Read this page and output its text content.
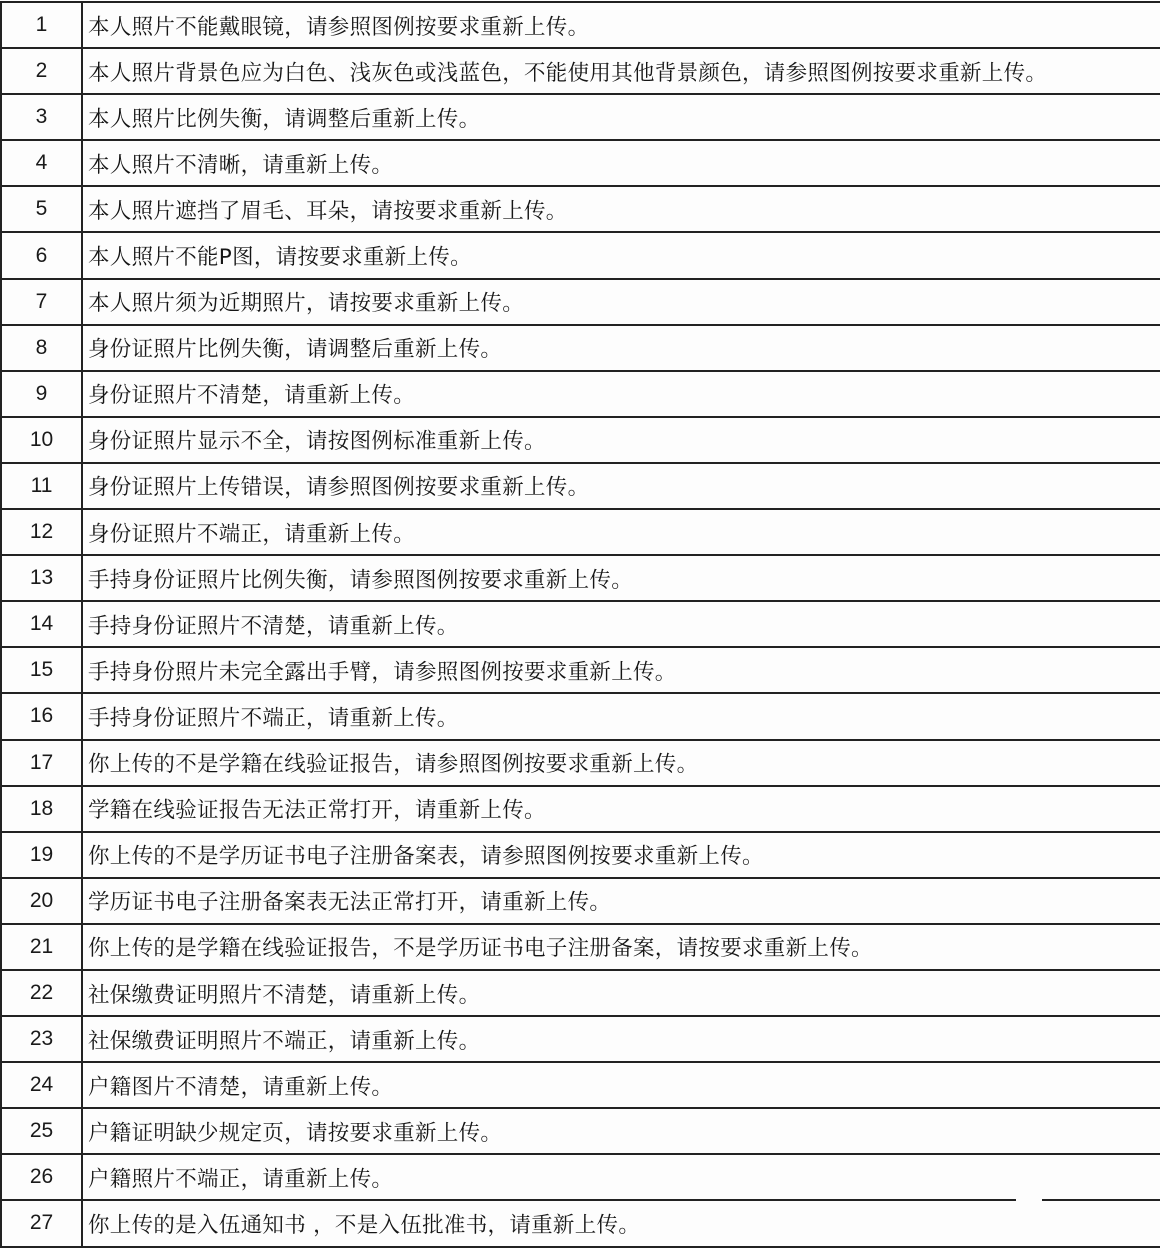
1	本人照片不能戴眼镜，请参照图例按要求重新上传。
2	本人照片背景色应为白色、浅灰色或浅蓝色，不能使用其他背景颜色，请参照图例按要求重新上传。
3	本人照片比例失衡，请调整后重新上传。
4	本人照片不清晰，请重新上传。
5	本人照片遮挡了眉毛、耳朵，请按要求重新上传。
6	本人照片不能P图，请按要求重新上传。
7	本人照片须为近期照片，请按要求重新上传。
8	身份证照片比例失衡，请调整后重新上传。
9	身份证照片不清楚，请重新上传。
10	身份证照片显示不全，请按图例标准重新上传。
11	身份证照片上传错误，请参照图例按要求重新上传。
12	身份证照片不端正，请重新上传。
13	手持身份证照片比例失衡，请参照图例按要求重新上传。
14	手持身份证照片不清楚，请重新上传。
15	手持身份照片未完全露出手臂，请参照图例按要求重新上传。
16	手持身份证照片不端正，请重新上传。
17	你上传的不是学籍在线验证报告，请参照图例按要求重新上传。
18	学籍在线验证报告无法正常打开，请重新上传。
19	你上传的不是学历证书电子注册备案表，请参照图例按要求重新上传。
20	学历证书电子注册备案表无法正常打开，请重新上传。
21	你上传的是学籍在线验证报告，不是学历证书电子注册备案，请按要求重新上传。
22	社保缴费证明照片不清楚，请重新上传。
23	社保缴费证明照片不端正，请重新上传。
24	户籍图片不清楚，请重新上传。
25	户籍证明缺少规定页，请按要求重新上传。
26	户籍照片不端正，请重新上传。
27	你上传的是入伍通知书 ，不是入伍批准书，请重新上传。
